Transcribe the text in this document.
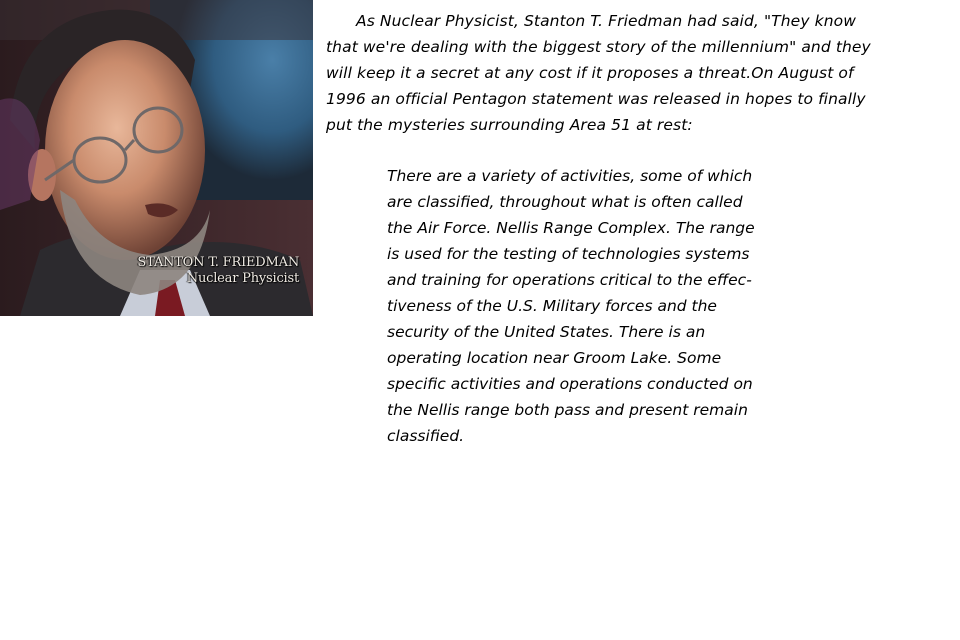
STANTON T. FRIEDMAN
Nuclear Physicist

As Nuclear Physicist, Stanton T. Friedman had said, "They know
that we're dealing with the biggest story of the millennium" and they
will keep it a secret at any cost if it proposes a threat.On August of
1996 an official Pentagon statement was released in hopes to finally
put the mysteries surrounding Area 51 at rest:

There are a variety of activities, some of which
are classified, throughout what is often called
the Air Force. Nellis Range Complex. The range
is used for the testing of technologies systems
and training for operations critical to the effec-
tiveness of the U.S. Military forces and the
security of the United States. There is an
operating location near Groom Lake. Some
specific activities and operations conducted on
the Nellis range both pass and present remain
classified.
